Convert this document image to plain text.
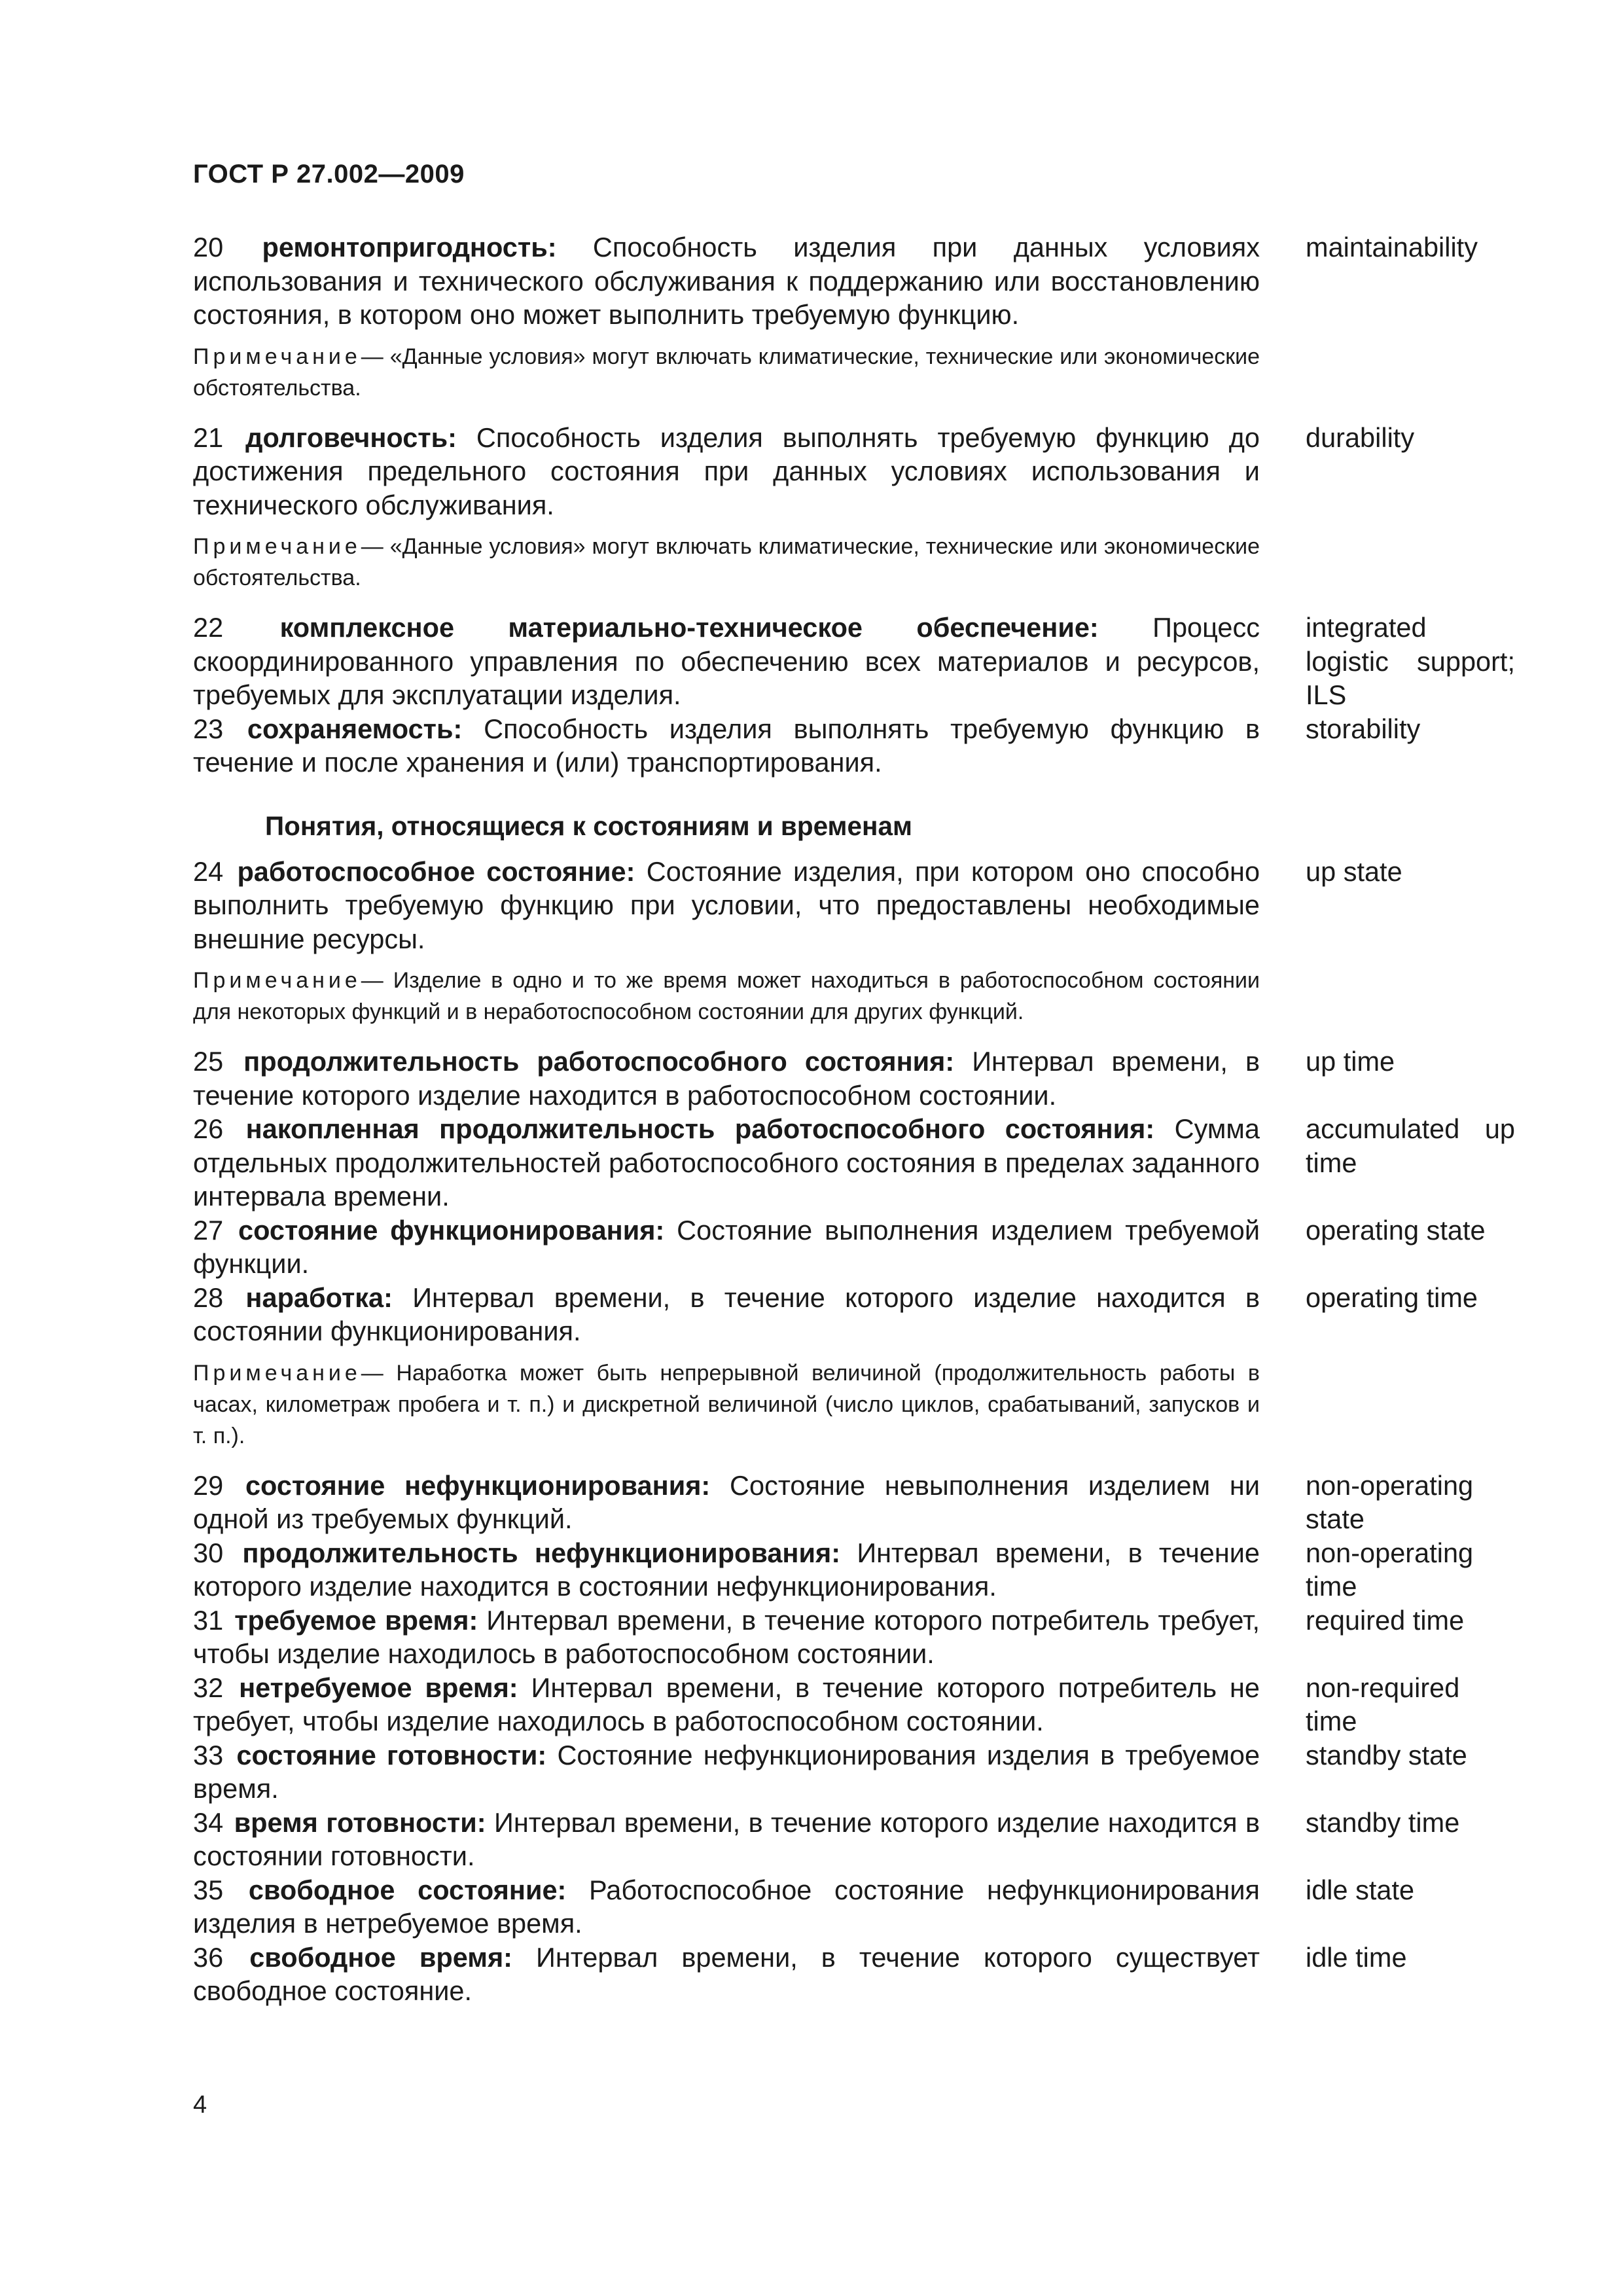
ГОСТ Р 27.002—2009
20 ремонтопригодность: Способность изделия при данных условиях использования и технического обслуживания к поддержанию или восстановлению состояния, в котором оно может выполнить требуемую функцию.
maintainability
Примечание— «Данные условия» могут включать климатические, технические или экономические обстоятельства.
21 долговечность: Способность изделия выполнять требуемую функцию до достижения предельного состояния при данных условиях использования и технического обслуживания.
durability
Примечание— «Данные условия» могут включать климатические, технические или экономические обстоятельства.
22 комплексное материально-техническое обеспечение: Процесс скоординированного управления по обеспечению всех материалов и ресурсов, требуемых для эксплуатации изделия.
integrated logistic support; ILS
23 сохраняемость: Способность изделия выполнять требуемую функцию в течение и после хранения и (или) транспортирования.
storability
Понятия, относящиеся к состояниям и временам
24 работоспособное состояние: Состояние изделия, при котором оно способно выполнить требуемую функцию при условии, что предоставлены необходимые внешние ресурсы.
up state
Примечание— Изделие в одно и то же время может находиться в работоспособном состоянии для некоторых функций и в неработоспособном состоянии для других функций.
25 продолжительность работоспособного состояния: Интервал времени, в течение которого изделие находится в работоспособном состоянии.
up time
26 накопленная продолжительность работоспособного состояния: Сумма отдельных продолжительностей работоспособного состояния в пределах заданного интервала времени.
accumulated up time
27 состояние функционирования: Состояние выполнения изделием требуемой функции.
operating state
28 наработка: Интервал времени, в течение которого изделие находится в состоянии функционирования.
operating time
Примечание— Наработка может быть непрерывной величиной (продолжительность работы в часах, километраж пробега и т. п.) и дискретной величиной (число циклов, срабатываний, запусков и т. п.).
29 состояние нефункционирования: Состояние невыполнения изделием ни одной из требуемых функций.
non-operating state
30 продолжительность нефункционирования: Интервал времени, в течение которого изделие находится в состоянии нефункционирования.
non-operating time
31 требуемое время: Интервал времени, в течение которого потребитель требует, чтобы изделие находилось в работоспособном состоянии.
required time
32 нетребуемое время: Интервал времени, в течение которого потребитель не требует, чтобы изделие находилось в работоспособном состоянии.
non-required time
33 состояние готовности: Состояние нефункционирования изделия в требуемое время.
standby state
34 время готовности: Интервал времени, в течение которого изделие находится в состоянии готовности.
standby time
35 свободное состояние: Работоспособное состояние нефункционирования изделия в нетребуемое время.
idle state
36 свободное время: Интервал времени, в течение которого существует свободное состояние.
idle time
4
